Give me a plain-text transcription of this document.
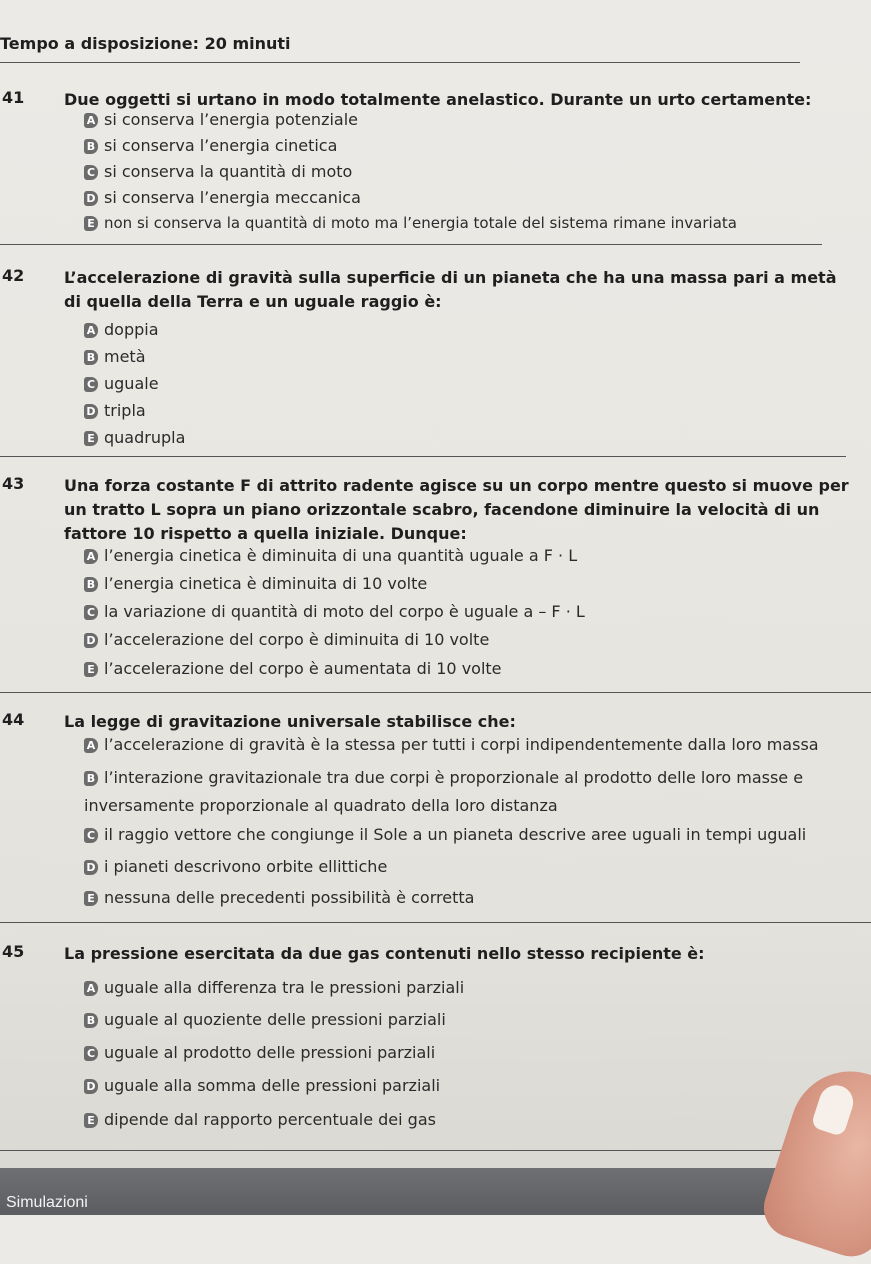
Tempo a disposizione: 20 minuti
41 Due oggetti si urtano in modo totalmente anelastico. Durante un urto certamente:
A si conserva l’energia potenziale
B si conserva l’energia cinetica
C si conserva la quantità di moto
D si conserva l’energia meccanica
E non si conserva la quantità di moto ma l’energia totale del sistema rimane invariata
42 L’accelerazione di gravità sulla superficie di un pianeta che ha una massa pari a metà di quella della Terra e un uguale raggio è:
A doppia
B metà
C uguale
D tripla
E quadrupla
43 Una forza costante F di attrito radente agisce su un corpo mentre questo si muove per un tratto L sopra un piano orizzontale scabro, facendone diminuire la velocità di un fattore 10 rispetto a quella iniziale. Dunque:
A l’energia cinetica è diminuita di una quantità uguale a F · L
B l’energia cinetica è diminuita di 10 volte
C la variazione di quantità di moto del corpo è uguale a – F · L
D l’accelerazione del corpo è diminuita di 10 volte
E l’accelerazione del corpo è aumentata di 10 volte
44 La legge di gravitazione universale stabilisce che:
A l’accelerazione di gravità è la stessa per tutti i corpi indipendentemente dalla loro massa
B l’interazione gravitazionale tra due corpi è proporzionale al prodotto delle loro masse e inversamente proporzionale al quadrato della loro distanza
C il raggio vettore che congiunge il Sole a un pianeta descrive aree uguali in tempi uguali
D i pianeti descrivono orbite ellittiche
E nessuna delle precedenti possibilità è corretta
45 La pressione esercitata da due gas contenuti nello stesso recipiente è:
A uguale alla differenza tra le pressioni parziali
B uguale al quoziente delle pressioni parziali
C uguale al prodotto delle pressioni parziali
D uguale alla somma delle pressioni parziali
E dipende dal rapporto percentuale dei gas
Simulazioni
